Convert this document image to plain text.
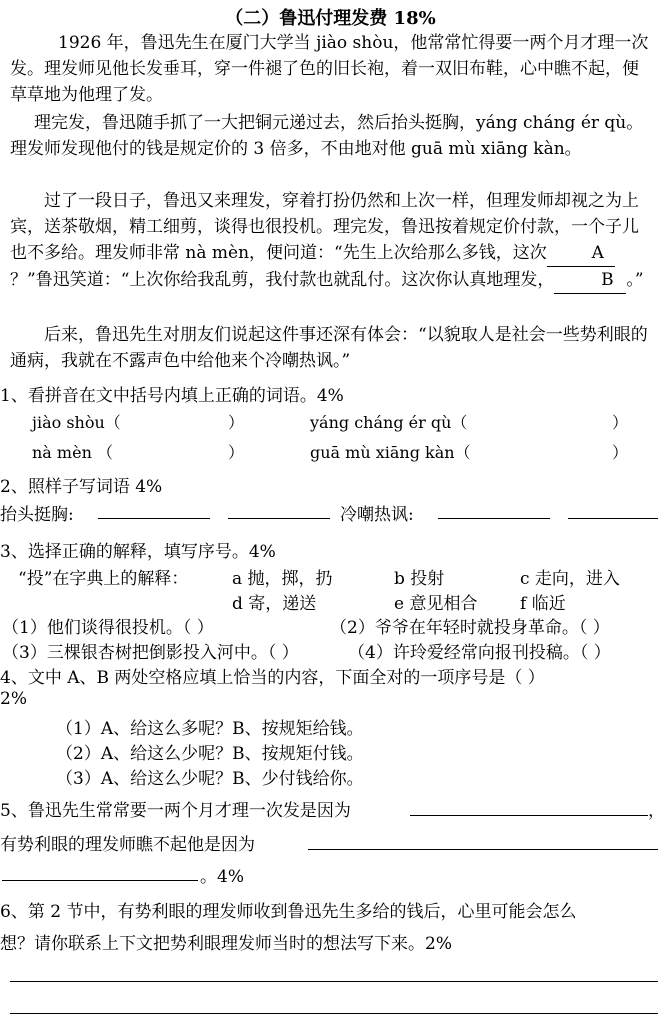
（二）鲁迅付理发费 18%
1926 年，鲁迅先生在厦门大学当 jiào shòu，他常常忙得要一两个月才理一次发。理发师见他长发垂耳，穿一件褪了色的旧长袍，着一双旧布鞋，心中瞧不起，便草草地为他理了发。
理完发，鲁迅随手抓了一大把铜元递过去，然后抬头挺胸，yáng cháng ér qù。理发师发现他付的钱是规定价的 3 倍多，不由地对他 guā mù xiāng kàn。
过了一段日子，鲁迅又来理发，穿着打扮仍然和上次一样，但理发师却视之为上宾，送茶敬烟，精工细剪，谈得也很投机。理完发，鲁迅按着规定价付款，一个子儿也不多给。理发师非常 nà mèn，便问道：“先生上次给那么多钱，这次	A？”鲁迅笑道：“上次你给我乱剪，我付款也就乱付。这次你认真地理发，	B 。”
后来，鲁迅先生对朋友们说起这件事还深有体会：“以貌取人是社会一些势利眼的通病，我就在不露声色中给他来个冷嘲热讽。”
1、看拼音在文中括号内填上正确的词语。4%
jiào shòu（	）	yáng cháng ér qù（	）
nà mèn （	）	guā mù xiāng kàn（	）
2、照样子写词语 4%
抬头挺胸:	冷嘲热讽:
3、选择正确的解释，填写序号。4%
“投”在字典上的解释：	a 抛，掷，扔	b 投射	c 走向，进入
d 寄，递送	e 意见相合	f 临近
（1）他们谈得很投机。（ ）	（2）爷爷在年轻时就投身革命。（ ）
（3）三棵银杏树把倒影投入河中。（ ）	（4）许玲爱经常向报刊投稿。（ ）
4、文中 A、B 两处空格应填上恰当的内容，下面全对的一项序号是（ ）
2%
（1）A、给这么多呢？B、按规矩给钱。
（2）A、给这么少呢？B、按规矩付钱。
（3）A、给这么少呢？B、少付钱给你。
5、鲁迅先生常常要一两个月才理一次发是因为	，
有势利眼的理发师瞧不起他是因为
。4%
6、第 2 节中，有势利眼的理发师收到鲁迅先生多给的钱后，心里可能会怎么
想？请你联系上下文把势利眼理发师当时的想法写下来。2%
